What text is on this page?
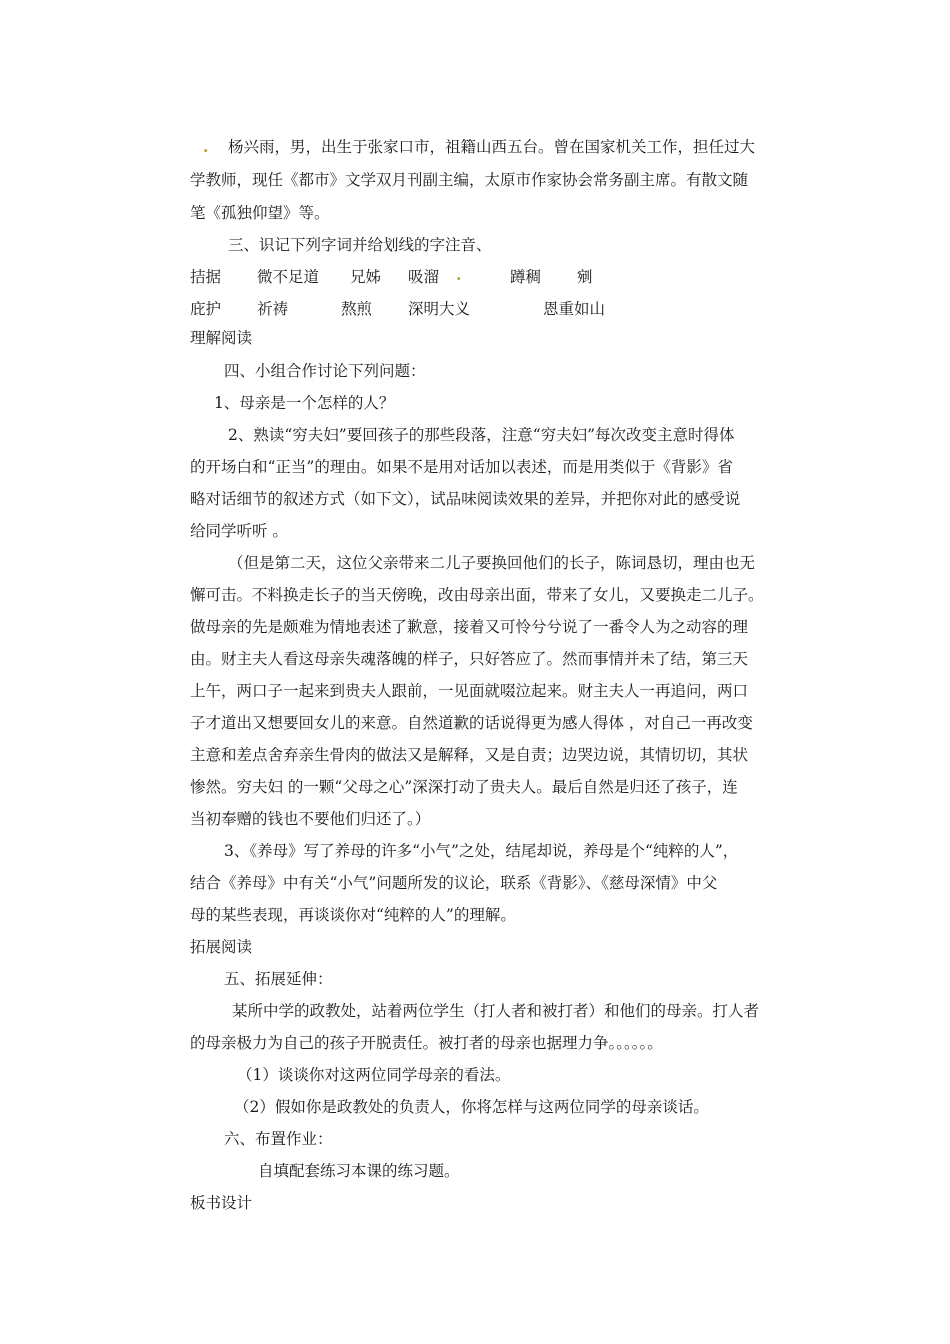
. 杨兴雨，男，出生于张家口市，祖籍山西五台。曾在国家机关工作，担任过大
学教师，现任《都市》文学双月刊副主编，太原市作家协会常务副主席。有散文随
笔《孤独仰望》等。
三、识记下列字词并给划线的字注音、
拮据 微不足道 兄姊 吸溜 .	蹲稠 剜
庇护 祈祷	熬煎 深明大义	恩重如山
理解阅读
四、小组合作讨论下列问题：
1、母亲是一个怎样的人？
2、熟读“穷夫妇”要回孩子的那些段落，注意“穷夫妇”每次改变主意时得体
的开场白和“正当”的理由。如果不是用对话加以表述，而是用类似于《背影》省
略对话细节的叙述方式（如下文），试品味阅读效果的差异，并把你对此的感受说
给同学听听 。
（但是第二天，这位父亲带来二儿子要换回他们的长子，陈词恳切，理由也无
懈可击。不料换走长子的当天傍晚，改由母亲出面，带来了女儿，又要换走二儿子。
做母亲的先是颇难为情地表述了歉意，接着又可怜兮兮说了一番令人为之动容的理
由。财主夫人看这母亲失魂落魄的样子，只好答应了。然而事情并未了结，第三天
上午，两口子一起来到贵夫人跟前，一见面就啜泣起来。财主夫人一再追问，两口
子才道出又想要回女儿的来意。自然道歉的话说得更为感人得体 ，对自己一再改变
主意和差点舍弃亲生骨肉的做法又是解释，又是自责；边哭边说，其情切切，其状
惨然。穷夫妇 的一颗“父母之心”深深打动了贵夫人。最后自然是归还了孩子，连
当初奉赠的钱也不要他们归还了。）
3、《养母》写了养母的许多“小气”之处，结尾却说，养母是个“纯粹的人”，
结合《养母》中有关“小气”问题所发的议论，联系《背影》、《慈母深情》中父
母的某些表现，再谈谈你对“纯粹的人”的理解。
拓展阅读
五、拓展延伸：
某所中学的政教处，站着两位学生（打人者和被打者）和他们的母亲。打人者
的母亲极力为自己的孩子开脱责任。被打者的母亲也据理力争。。。。。。
（1）谈谈你对这两位同学母亲的看法。
（2）假如你是政教处的负责人，你将怎样与这两位同学的母亲谈话。
六、布置作业：
自填配套练习本课的练习题。
板书设计
